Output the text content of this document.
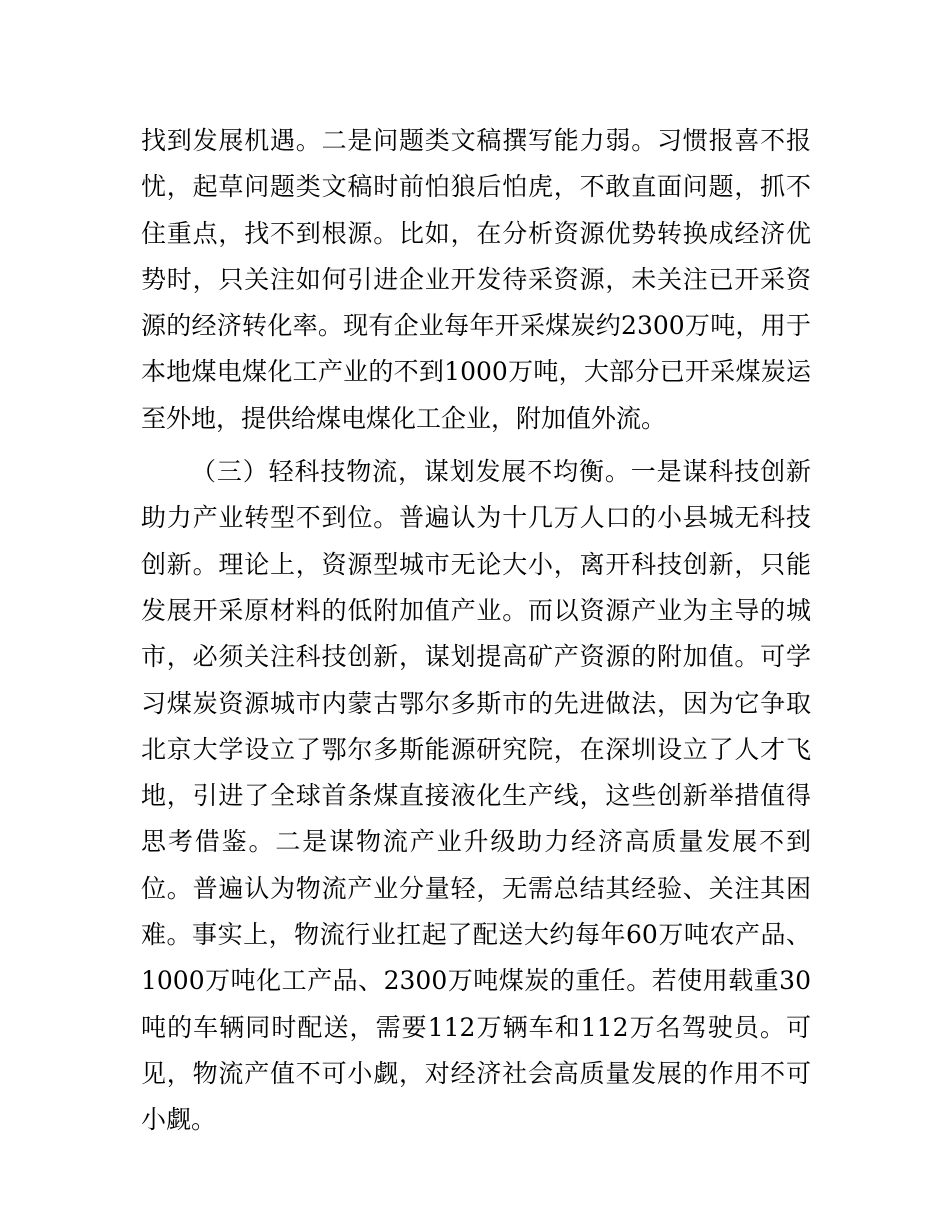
找到发展机遇。二是问题类文稿撰写能力弱。习惯报喜不报忧，起草问题类文稿时前怕狼后怕虎，不敢直面问题，抓不住重点，找不到根源。比如，在分析资源优势转换成经济优势时，只关注如何引进企业开发待采资源，未关注已开采资源的经济转化率。现有企业每年开采煤炭约2300万吨，用于本地煤电煤化工产业的不到1000万吨，大部分已开采煤炭运至外地，提供给煤电煤化工企业，附加值外流。

（三）轻科技物流，谋划发展不均衡。一是谋科技创新助力产业转型不到位。普遍认为十几万人口的小县城无科技创新。理论上，资源型城市无论大小，离开科技创新，只能发展开采原材料的低附加值产业。而以资源产业为主导的城市，必须关注科技创新，谋划提高矿产资源的附加值。可学习煤炭资源城市内蒙古鄂尔多斯市的先进做法，因为它争取北京大学设立了鄂尔多斯能源研究院，在深圳设立了人才飞地，引进了全球首条煤直接液化生产线，这些创新举措值得思考借鉴。二是谋物流产业升级助力经济高质量发展不到位。普遍认为物流产业分量轻，无需总结其经验、关注其困难。事实上，物流行业扛起了配送大约每年60万吨农产品、1000万吨化工产品、2300万吨煤炭的重任。若使用载重30吨的车辆同时配送，需要112万辆车和112万名驾驶员。可见，物流产值不可小觑，对经济社会高质量发展的作用不可小觑。
